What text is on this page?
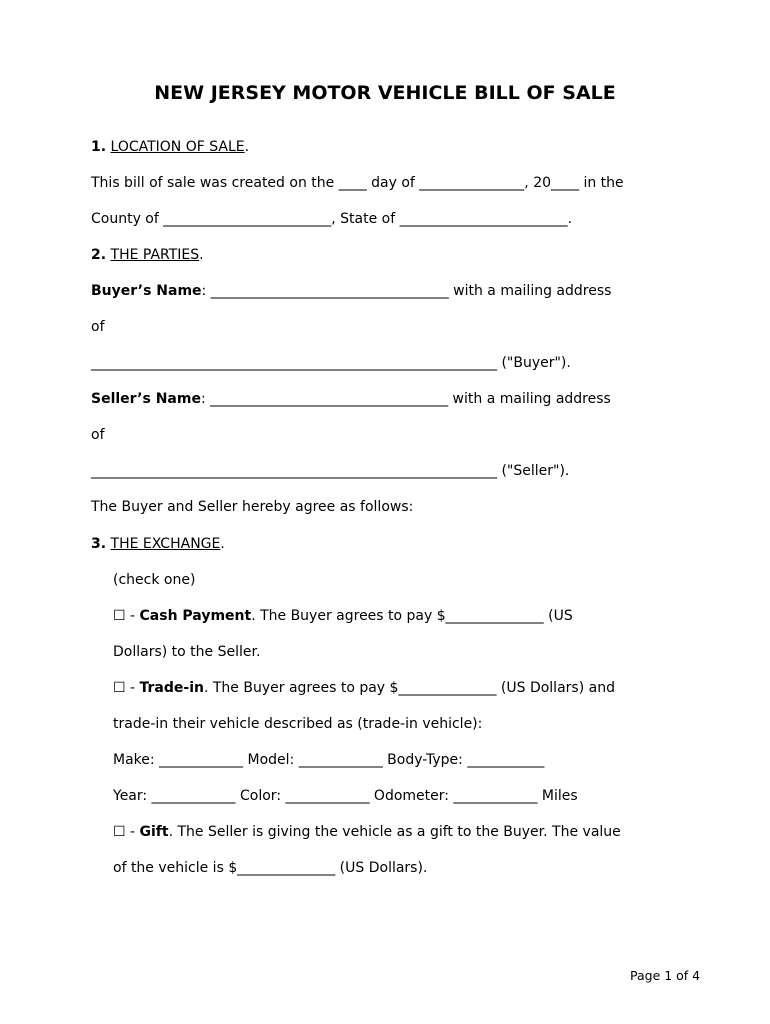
NEW JERSEY MOTOR VEHICLE BILL OF SALE
1. LOCATION OF SALE.
This bill of sale was created on the ____ day of _______________, 20____ in the
County of ________________________, State of ________________________.
2. THE PARTIES.
Buyer’s Name: __________________________________ with a mailing address
of
__________________________________________________________ ("Buyer").
Seller’s Name: __________________________________ with a mailing address
of
__________________________________________________________ ("Seller").
The Buyer and Seller hereby agree as follows:
3. THE EXCHANGE.
(check one)
☐ - Cash Payment. The Buyer agrees to pay $______________ (US
Dollars) to the Seller.
☐ - Trade-in. The Buyer agrees to pay $______________ (US Dollars) and
trade-in their vehicle described as (trade-in vehicle):
Make: ____________ Model: ____________ Body-Type: ___________
Year: ____________ Color: ____________ Odometer: ____________ Miles
☐ - Gift. The Seller is giving the vehicle as a gift to the Buyer. The value
of the vehicle is $______________ (US Dollars).
Page 1 of 4
